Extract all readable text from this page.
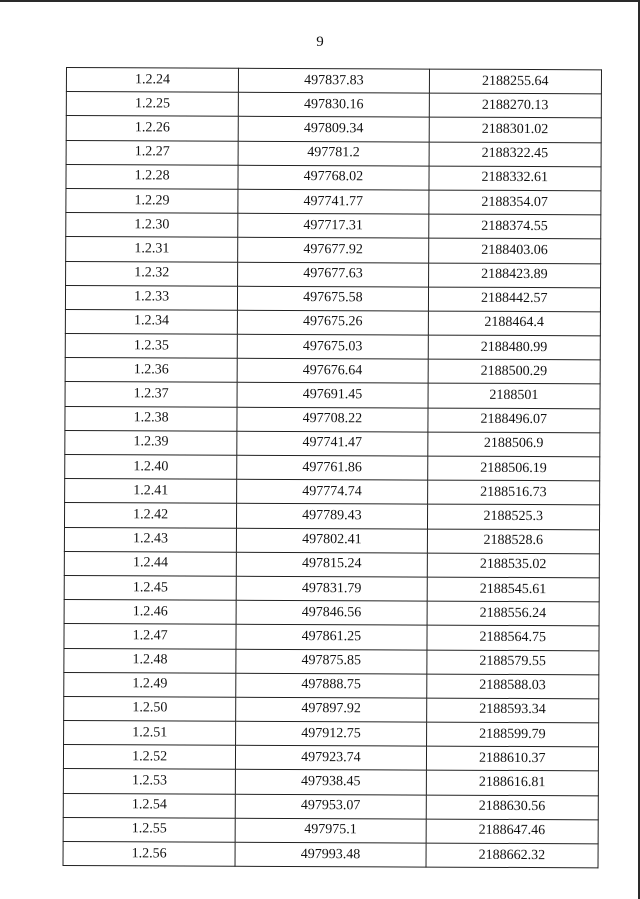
9
1.2.24	497837.83	2188255.64
1.2.25	497830.16	2188270.13
1.2.26	497809.34	2188301.02
1.2.27	497781.2	2188322.45
1.2.28	497768.02	2188332.61
1.2.29	497741.77	2188354.07
1.2.30	497717.31	2188374.55
1.2.31	497677.92	2188403.06
1.2.32	497677.63	2188423.89
1.2.33	497675.58	2188442.57
1.2.34	497675.26	2188464.4
1.2.35	497675.03	2188480.99
1.2.36	497676.64	2188500.29
1.2.37	497691.45	2188501
1.2.38	497708.22	2188496.07
1.2.39	497741.47	2188506.9
1.2.40	497761.86	2188506.19
1.2.41	497774.74	2188516.73
1.2.42	497789.43	2188525.3
1.2.43	497802.41	2188528.6
1.2.44	497815.24	2188535.02
1.2.45	497831.79	2188545.61
1.2.46	497846.56	2188556.24
1.2.47	497861.25	2188564.75
1.2.48	497875.85	2188579.55
1.2.49	497888.75	2188588.03
1.2.50	497897.92	2188593.34
1.2.51	497912.75	2188599.79
1.2.52	497923.74	2188610.37
1.2.53	497938.45	2188616.81
1.2.54	497953.07	2188630.56
1.2.55	497975.1	2188647.46
1.2.56	497993.48	2188662.32
